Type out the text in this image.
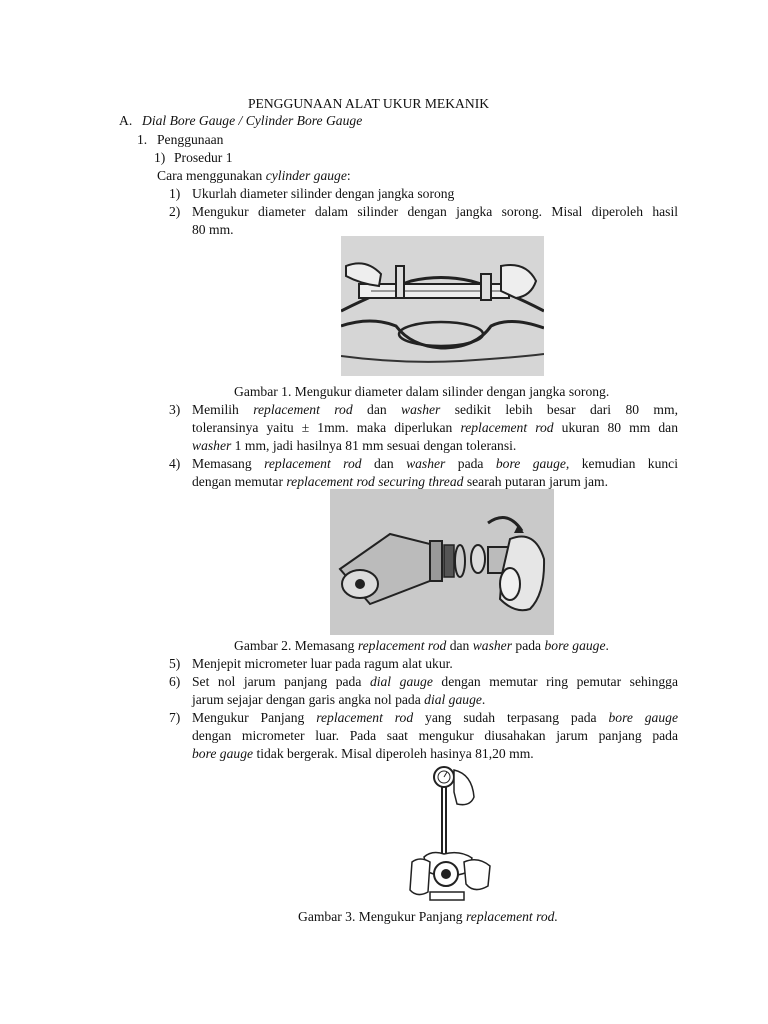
PENGGUNAAN ALAT UKUR MEKANIK
A. Dial Bore Gauge / Cylinder Bore Gauge
1. Penggunaan
1) Prosedur 1
Cara menggunakan cylinder gauge:
1) Ukurlah diameter silinder dengan jangka sorong
2) Mengukur diameter dalam silinder dengan jangka sorong. Misal diperoleh hasil
80 mm.
Gambar 1. Mengukur diameter dalam silinder dengan jangka sorong.
3) Memilih replacement rod dan washer sedikit lebih besar dari 80 mm,
toleransinya yaitu ± 1mm. maka diperlukan replacement rod ukuran 80 mm dan
washer 1 mm, jadi hasilnya 81 mm sesuai dengan toleransi.
4) Memasang replacement rod dan washer pada bore gauge, kemudian kunci
dengan memutar replacement rod securing thread searah putaran jarum jam.
Gambar 2. Memasang replacement rod dan washer pada bore gauge.
5) Menjepit micrometer luar pada ragum alat ukur.
6) Set nol jarum panjang pada dial gauge dengan memutar ring pemutar sehingga
jarum sejajar dengan garis angka nol pada dial gauge.
7) Mengukur Panjang replacement rod yang sudah terpasang pada bore gauge
dengan micrometer luar. Pada saat mengukur diusahakan jarum panjang pada
bore gauge tidak bergerak. Misal diperoleh hasinya 81,20 mm.
Gambar 3. Mengukur Panjang replacement rod.
